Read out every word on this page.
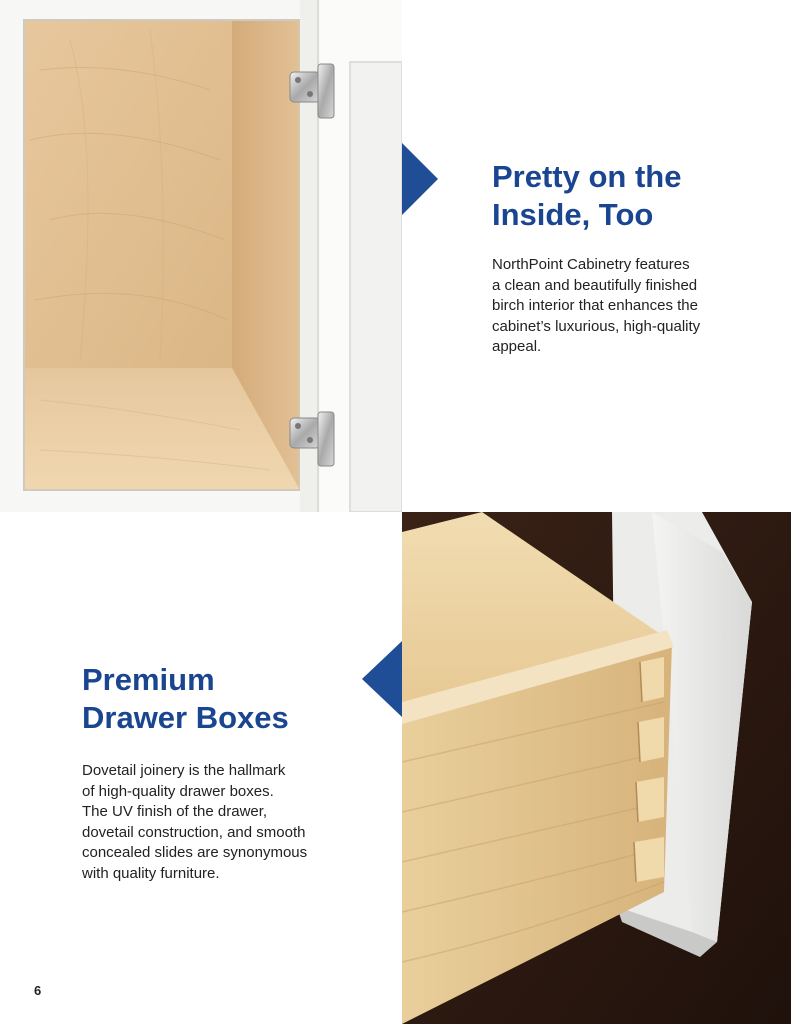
Pretty on the
Inside, Too

NorthPoint Cabinetry features
a clean and beautifully finished
birch interior that enhances the
cabinet’s luxurious, high-quality
appeal.

Premium
Drawer Boxes

Dovetail joinery is the hallmark
of high-quality drawer boxes.
The UV finish of the drawer,
dovetail construction, and smooth
concealed slides are synonymous
with quality furniture.

6
